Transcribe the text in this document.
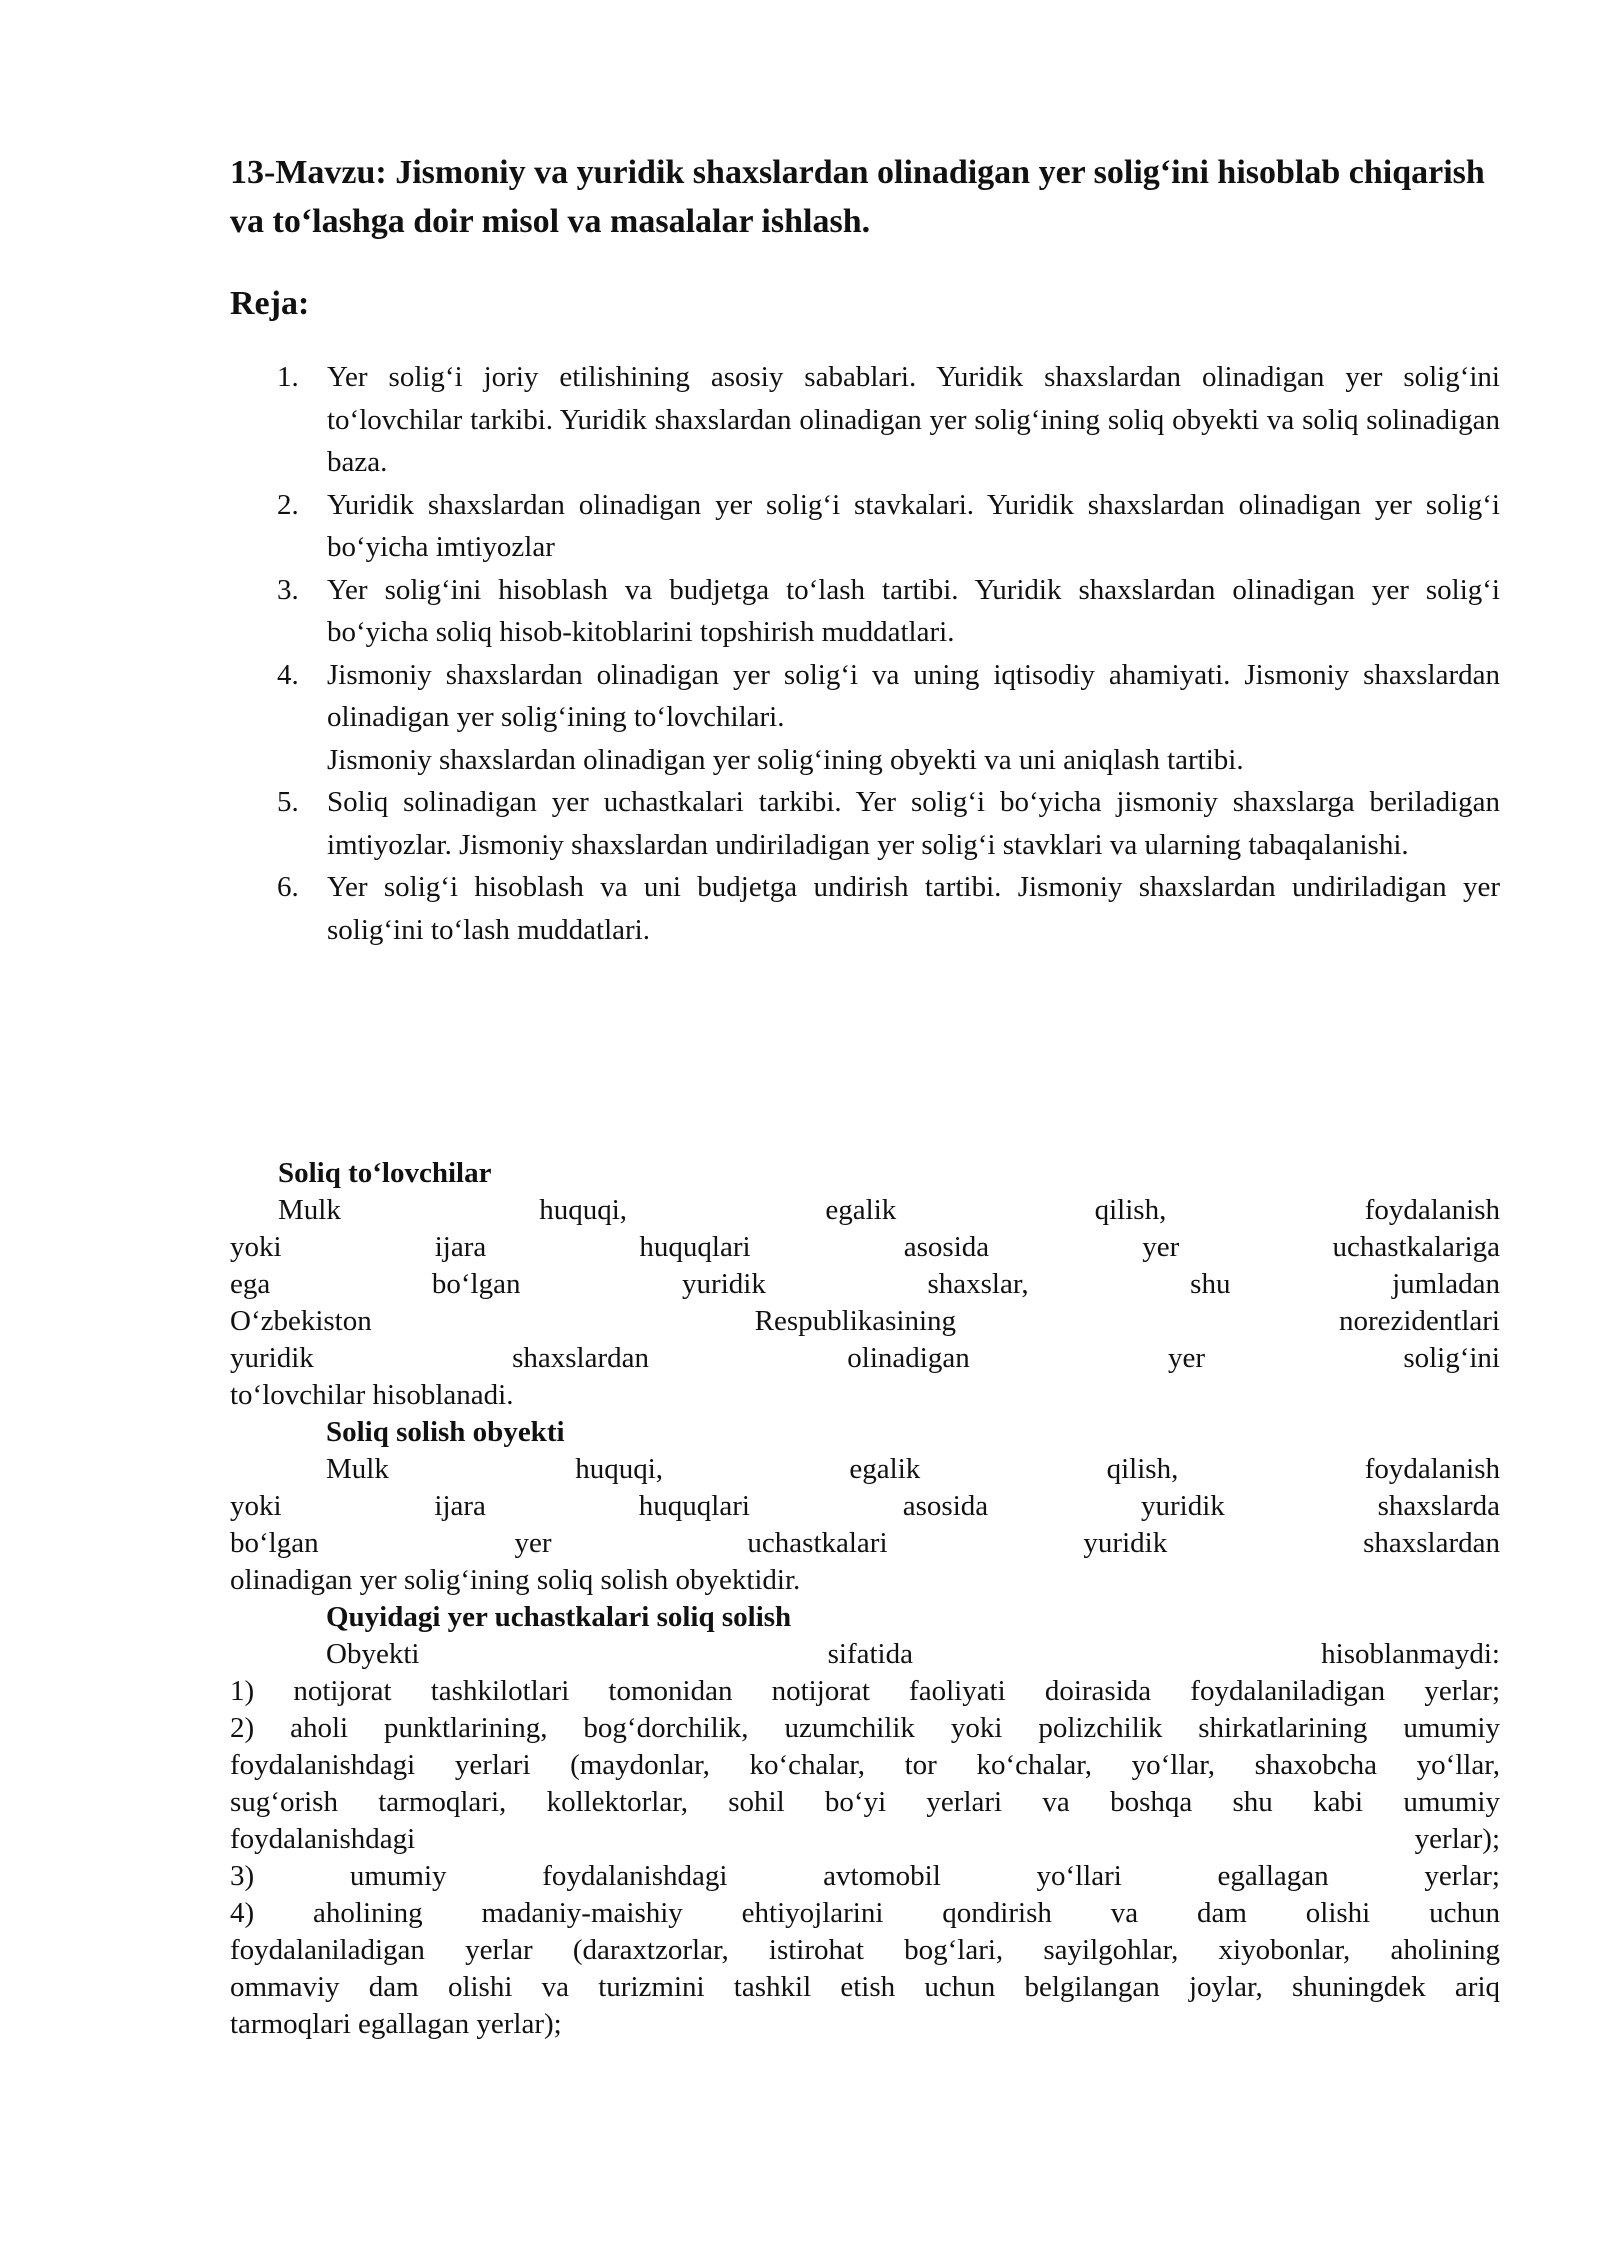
13-Mavzu: Jismoniy va yuridik shaxslardan olinadigan yer solig‘ini hisoblab chiqarish va to‘lashga doir misol va masalalar ishlash.
Reja:
1. Yer solig‘i joriy etilishining asosiy sabablari. Yuridik shaxslardan olinadigan yer solig‘ini to‘lovchilar tarkibi. Yuridik shaxslardan olinadigan yer solig‘ining soliq obyekti va soliq solinadigan baza.
2. Yuridik shaxslardan olinadigan yer solig‘i stavkalari. Yuridik shaxslardan olinadigan yer solig‘i bo‘yicha imtiyozlar
3. Yer solig‘ini hisoblash va budjetga to‘lash tartibi. Yuridik shaxslardan olinadigan yer solig‘i bo‘yicha soliq hisob-kitoblarini topshirish muddatlari.
4. Jismoniy shaxslardan olinadigan yer solig‘i va uning iqtisodiy ahamiyati. Jismoniy shaxslardan olinadigan yer solig‘ining to‘lovchilari.
Jismoniy shaxslardan olinadigan yer solig‘ining obyekti va uni aniqlash tartibi.
5. Soliq solinadigan yer uchastkalari tarkibi. Yer solig‘i bo‘yicha jismoniy shaxslarga beriladigan imtiyozlar. Jismoniy shaxslardan undiriladigan yer solig‘i stavklari va ularning tabaqalanishi.
6. Yer solig‘i hisoblash va uni budjetga undirish tartibi. Jismoniy shaxslardan undiriladigan yer solig‘ini to‘lash muddatlari.
Soliq to‘lovchilar
Mulk huquqi, egalik qilish, foydalanish
yoki ijara huquqlari asosida yer uchastkalariga
ega bo‘lgan yuridik shaxslar, shu jumladan
O‘zbekiston Respublikasining norezidentlari
yuridik shaxslardan olinadigan yer solig‘ini
to‘lovchilar hisoblanadi.
Soliq solish obyekti
Mulk huquqi, egalik qilish, foydalanish
yoki ijara huquqlari asosida yuridik shaxslarda
bo‘lgan yer uchastkalari yuridik shaxslardan
olinadigan yer solig‘ining soliq solish obyektidir.
Quyidagi yer uchastkalari soliq solish
Obyekti sifatida hisoblanmaydi:
1) notijorat tashkilotlari tomonidan notijorat faoliyati doirasida foydalaniladigan yerlar;
2) aholi punktlarining, bog‘dorchilik, uzumchilik yoki polizchilik shirkatlarining umumiy
foydalanishdagi yerlari (maydonlar, ko‘chalar, tor ko‘chalar, yo‘llar, shaxobcha yo‘llar,
sug‘orish tarmoqlari, kollektorlar, sohil bo‘yi yerlari va boshqa shu kabi umumiy
foydalanishdagi yerlar);
3) umumiy foydalanishdagi avtomobil yo‘llari egallagan yerlar;
4) aholining madaniy-maishiy ehtiyojlarini qondirish va dam olishi uchun
foydalaniladigan yerlar (daraxtzorlar, istirohat bog‘lari, sayilgohlar, xiyobonlar, aholining
ommaviy dam olishi va turizmini tashkil etish uchun belgilangan joylar, shuningdek ariq
tarmoqlari egallagan yerlar);
